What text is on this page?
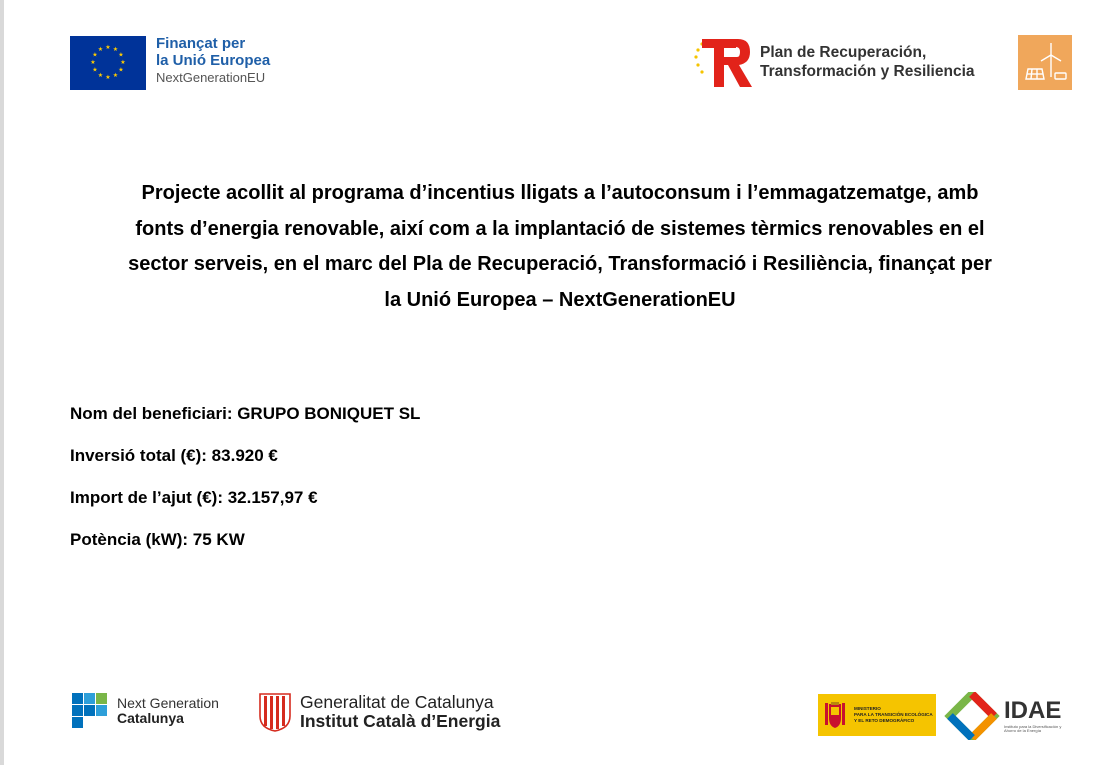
★ ★
★
★
★
★
★
★
★
★
★
★	Finançat per
la Unió Europea
NextGenerationEU
Plan de Recuperación,
Transformación y Resiliencia
Projecte acollit al programa d’incentius lligats a l’autoconsum i l’emmagatzematge, amb
fonts d’energia renovable, així com a la implantació de sistemes tèrmics renovables en el
sector serveis, en el marc del Pla de Recuperació, Transformació i Resiliència, finançat per
la Unió Europea – NextGenerationEU
Nom del beneficiari: GRUPO BONIQUET SL
Inversió total (€): 83.920 €
Import de l’ajut (€): 32.157,97 €
Potència (kW): 75 KW
Next Generation
Catalunya
Generalitat de Catalunya
Institut Català d’Energia
MINISTERIO
PARA LA TRANSICIÓN ECOLÓGICA
Y EL RETO DEMOGRÁFICO	IDAE
Instituto para la Diversificación y Ahorro de la Energía
